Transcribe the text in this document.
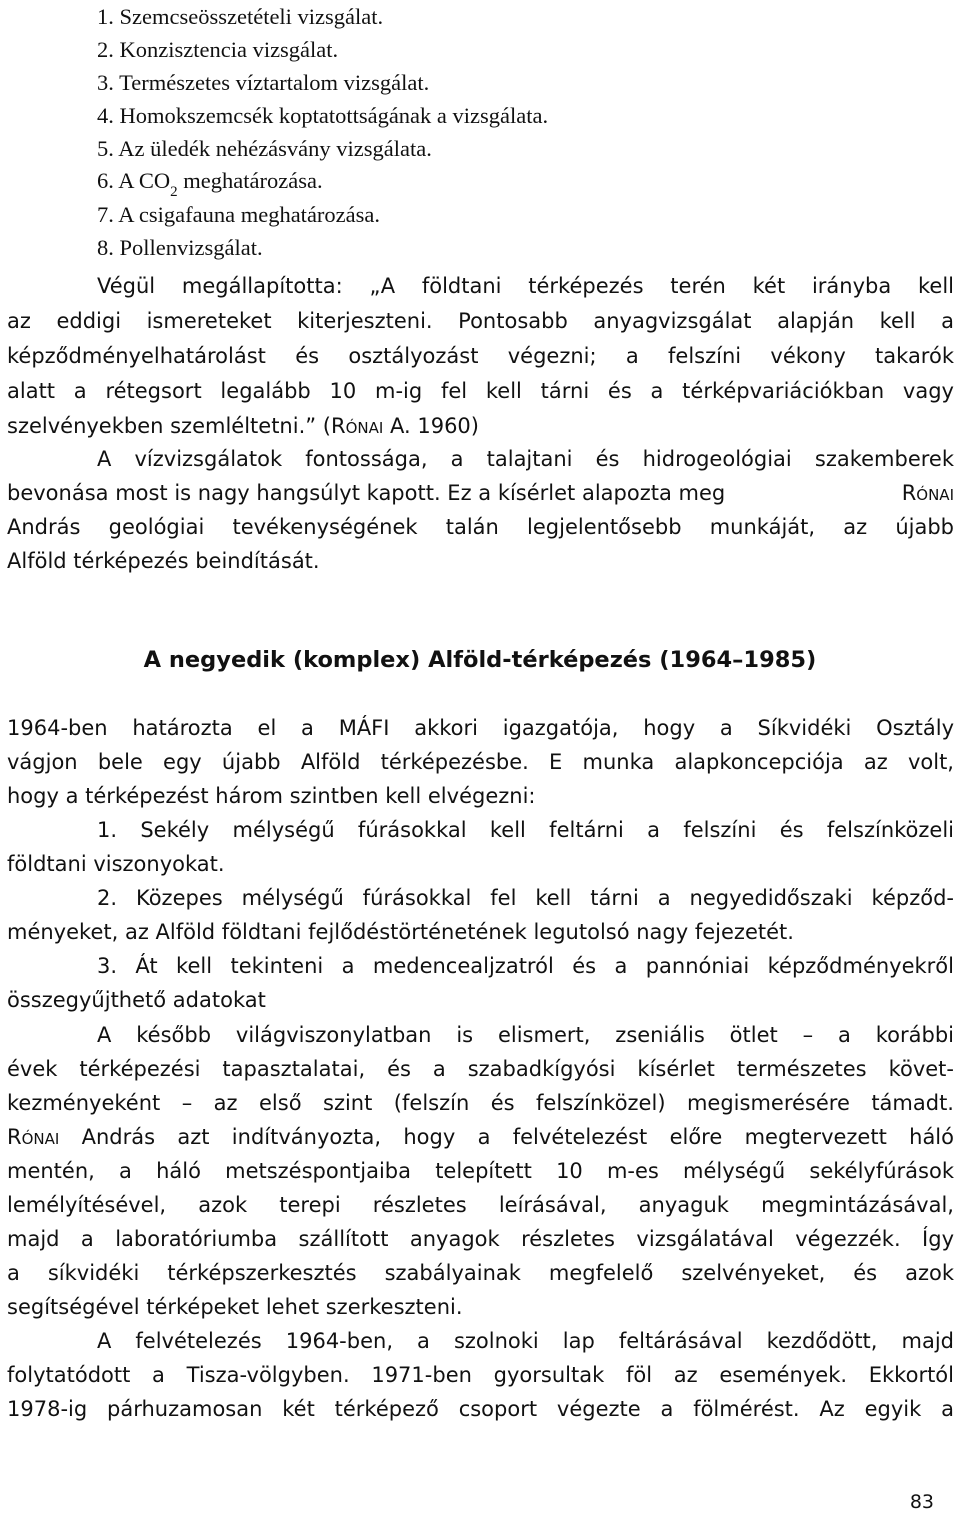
1. Szemcseösszetételi vizsgálat.
2. Konzisztencia vizsgálat.
3. Természetes víztartalom vizsgálat.
4. Homokszemcsék koptatottságának a vizsgálata.
5. Az üledék nehézásvány vizsgálata.
6. A $CO_2$ meghatározása.
7. A csigafauna meghatározása.
8. Pollenvizsgálat.
Végül megállapította: „A földtani térképezés terén két irányba kell
az eddigi ismereteket kiterjeszteni. Pontosabb anyagvizsgálat alapján kell a
képződményelhatárolást és osztályozást végezni; a felszíni vékony takarók
alatt a rétegsort legalább 10 m-ig fel kell tárni és a térképvariációkban vagy
szelvényekben szemléltetni.” (Rónai A. 1960)
A vízvizsgálatok fontossága, a talajtani és hidrogeológiai szakemberek
bevonása most is nagy hangsúlyt kapott. Ez a kísérlet alapozta meg	Rónai
András geológiai tevékenységének talán legjelentősebb munkáját, az újabb
Alföld térképezés beindítását.
A negyedik (komplex) Alföld-térképezés (1964–1985)
1964-ben határozta el a MÁFI akkori igazgatója, hogy a Síkvidéki Osztály
vágjon bele egy újabb Alföld térképezésbe. E munka alapkoncepciója az volt,
hogy a térképezést három szintben kell elvégezni:
1. Sekély mélységű fúrásokkal kell feltárni a felszíni és felszínközeli
földtani viszonyokat.
2. Közepes mélységű fúrásokkal fel kell tárni a negyedidőszaki képződ-
ményeket, az Alföld földtani fejlődéstörténetének legutolsó nagy fejezetét.
3. Át kell tekinteni a medencealjzatról és a pannóniai képződményekről
összegyűjthető adatokat
A később világviszonylatban is elismert, zseniális ötlet – a korábbi
évek térképezési tapasztalatai, és a szabadkígyósi kísérlet természetes követ-
kezményeként – az első szint (felszín és felszínközel) megismerésére támadt.
Rónai András azt indítványozta, hogy a felvételezést előre megtervezett háló
mentén, a háló metszéspontjaiba telepített 10 m-es mélységű sekélyfúrások
lemélyítésével, azok terepi részletes leírásával, anyaguk megmintázásával,
majd a laboratóriumba szállított anyagok részletes vizsgálatával végezzék. Így
a síkvidéki térképszerkesztés szabályainak megfelelő szelvényeket, és azok
segítségével térképeket lehet szerkeszteni.
A felvételezés 1964-ben, a szolnoki lap feltárásával kezdődött, majd
folytatódott a Tisza-völgyben. 1971-ben gyorsultak föl az események. Ekkortól
1978-ig párhuzamosan két térképező csoport végezte a fölmérést. Az egyik a
83
